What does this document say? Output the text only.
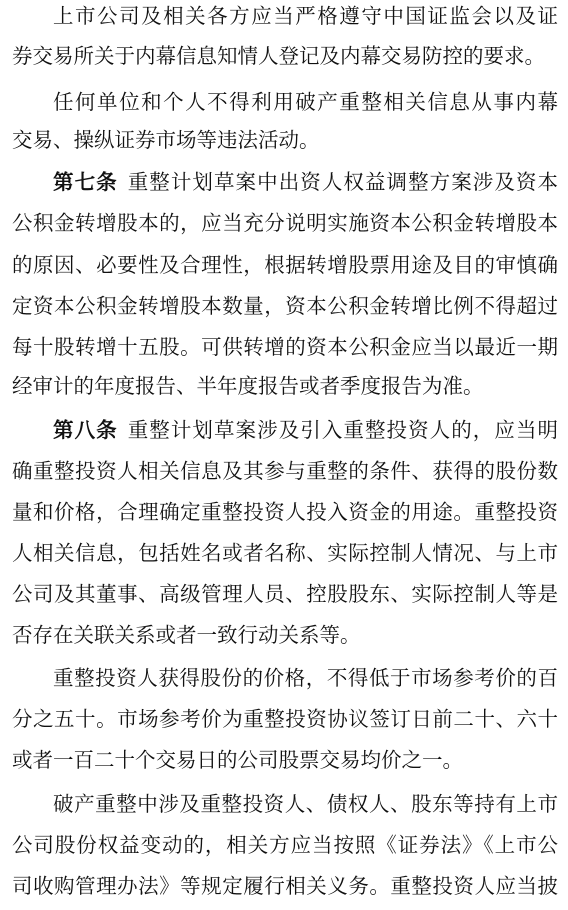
上市公司及相关各方应当严格遵守中国证监会以及证
券交易所关于内幕信息知情人登记及内幕交易防控的要求。
任何单位和个人不得利用破产重整相关信息从事内幕
交易、操纵证券市场等违法活动。
第七条 重整计划草案中出资人权益调整方案涉及资本
公积金转增股本的，应当充分说明实施资本公积金转增股本
的原因、必要性及合理性，根据转增股票用途及目的审慎确
定资本公积金转增股本数量，资本公积金转增比例不得超过
每十股转增十五股。可供转增的资本公积金应当以最近一期
经审计的年度报告、半年度报告或者季度报告为准。
第八条 重整计划草案涉及引入重整投资人的，应当明
确重整投资人相关信息及其参与重整的条件、获得的股份数
量和价格，合理确定重整投资人投入资金的用途。重整投资
人相关信息，包括姓名或者名称、实际控制人情况、与上市
公司及其董事、高级管理人员、控股股东、实际控制人等是
否存在关联关系或者一致行动关系等。
重整投资人获得股份的价格，不得低于市场参考价的百
分之五十。市场参考价为重整投资协议签订日前二十、六十
或者一百二十个交易日的公司股票交易均价之一。
破产重整中涉及重整投资人、债权人、股东等持有上市
公司股份权益变动的，相关方应当按照《证券法》《上市公
司收购管理办法》等规定履行相关义务。重整投资人应当披
